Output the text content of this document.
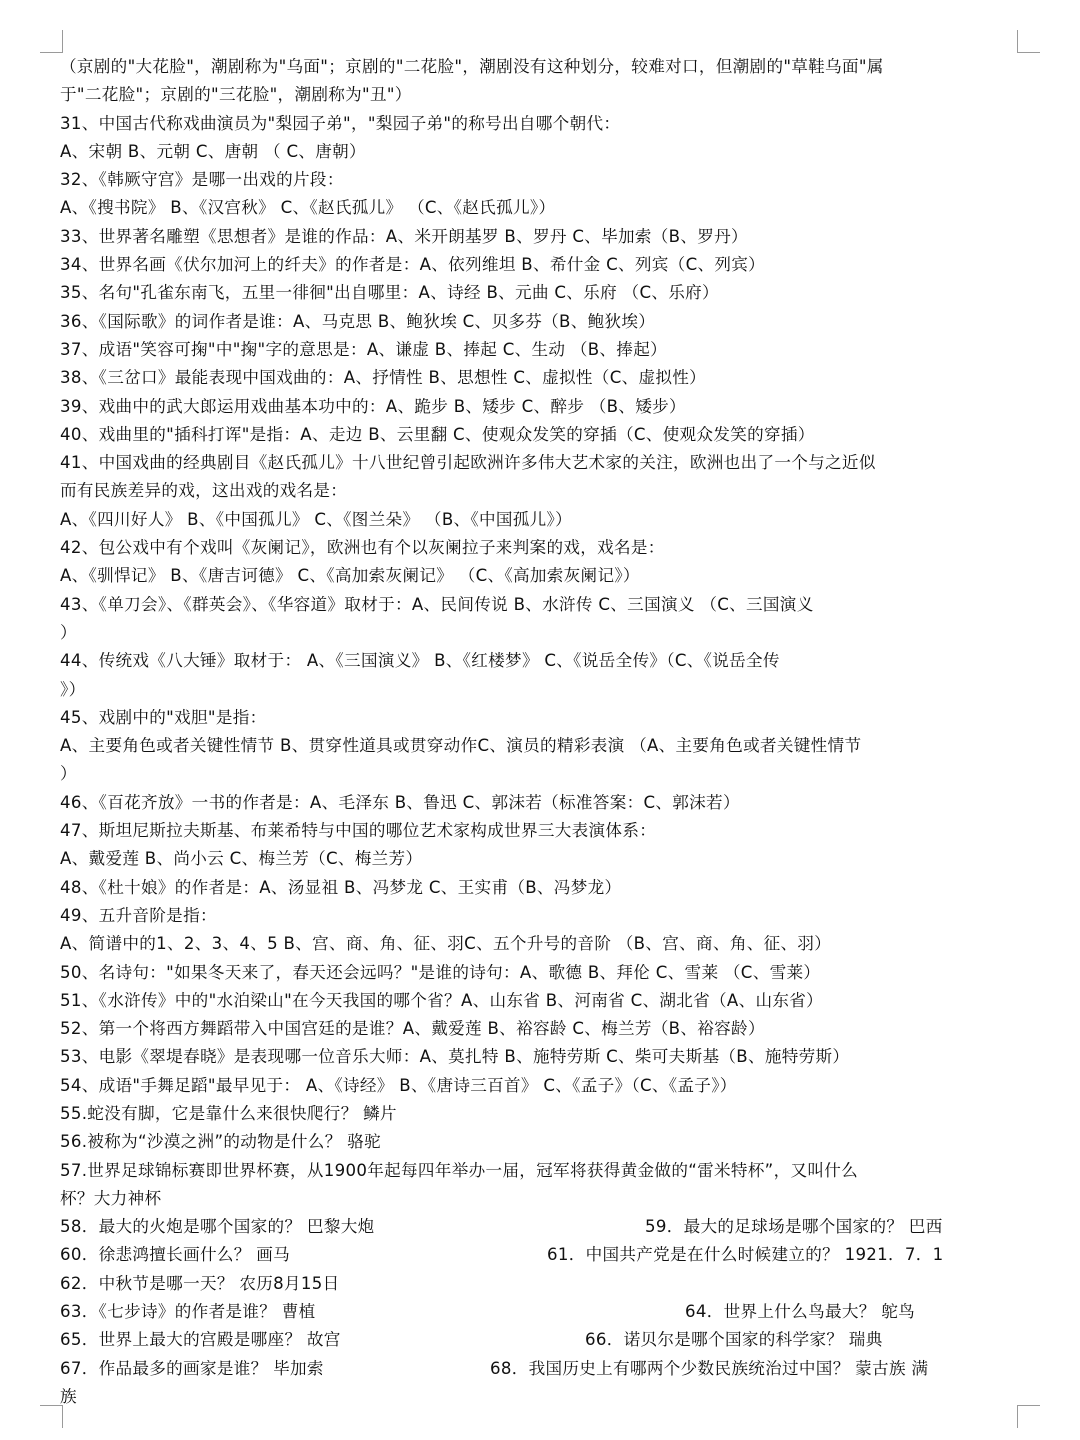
（京剧的"大花脸"，潮剧称为"乌面"；京剧的"二花脸"，潮剧没有这种划分，较难对口，但潮剧的"草鞋乌面"属
于"二花脸"；京剧的"三花脸"，潮剧称为"丑"）
31、中国古代称戏曲演员为"梨园子弟"，"梨园子弟"的称号出自哪个朝代：
A、宋朝 B、元朝 C、唐朝 （ C、唐朝）
32、《韩厥守宫》是哪一出戏的片段：
A、《搜书院》 B、《汉宫秋》 C、《赵氏孤儿》 （C、《赵氏孤儿》）
33、世界著名雕塑《思想者》是谁的作品：A、米开朗基罗 B、罗丹 C、毕加索（B、罗丹）
34、世界名画《伏尔加河上的纤夫》的作者是：A、依列维坦 B、希什金 C、列宾（C、列宾）
35、名句"孔雀东南飞，五里一徘徊"出自哪里：A、诗经 B、元曲 C、乐府 （C、乐府）
36、《国际歌》的词作者是谁：A、马克思 B、鲍狄埃 C、贝多芬（B、鲍狄埃）
37、成语"笑容可掬"中"掬"字的意思是：A、谦虚 B、捧起 C、生动 （B、捧起）
38、《三岔口》最能表现中国戏曲的：A、抒情性 B、思想性 C、虚拟性（C、虚拟性）
39、戏曲中的武大郎运用戏曲基本功中的：A、跪步 B、矮步 C、醉步 （B、矮步）
40、戏曲里的"插科打诨"是指：A、走边 B、云里翻 C、使观众发笑的穿插（C、使观众发笑的穿插）
41、中国戏曲的经典剧目《赵氏孤儿》十八世纪曾引起欧洲许多伟大艺术家的关注，欧洲也出了一个与之近似
而有民族差异的戏，这出戏的戏名是：
A、《四川好人》 B、《中国孤儿》 C、《图兰朵》 （B、《中国孤儿》）
42、包公戏中有个戏叫《灰阑记》，欧洲也有个以灰阑拉子来判案的戏，戏名是：
A、《驯悍记》 B、《唐吉诃德》 C、《高加索灰阑记》 （C、《高加索灰阑记》）
43、《单刀会》、《群英会》、《华容道》取材于：A、民间传说 B、水浒传 C、三国演义 （C、三国演义
）
44、传统戏《八大锤》取材于： A、《三国演义》 B、《红楼梦》 C、《说岳全传》（C、《说岳全传
》）
45、戏剧中的"戏胆"是指：
A、主要角色或者关键性情节 B、贯穿性道具或贯穿动作C、演员的精彩表演 （A、主要角色或者关键性情节
）
46、《百花齐放》一书的作者是：A、毛泽东 B、鲁迅 C、郭沫若（标准答案：C、郭沫若）
47、斯坦尼斯拉夫斯基、布莱希特与中国的哪位艺术家构成世界三大表演体系：
A、戴爱莲 B、尚小云 C、梅兰芳（C、梅兰芳）
48、《杜十娘》的作者是：A、汤显祖 B、冯梦龙 C、王实甫（B、冯梦龙）
49、五升音阶是指：
A、简谱中的1、2、3、4、5 B、宫、商、角、征、羽C、五个升号的音阶 （B、宫、商、角、征、羽）
50、名诗句："如果冬天来了，春天还会远吗？"是谁的诗句：A、歌德 B、拜伦 C、雪莱 （C、雪莱）
51、《水浒传》中的"水泊梁山"在今天我国的哪个省？A、山东省 B、河南省 C、湖北省（A、山东省）
52、第一个将西方舞蹈带入中国宫廷的是谁？A、戴爱莲 B、裕容龄 C、梅兰芳（B、裕容龄）
53、电影《翠堤春晓》是表现哪一位音乐大师：A、莫扎特 B、施特劳斯 C、柴可夫斯基（B、施特劳斯）
54、成语"手舞足蹈"最早见于： A、《诗经》 B、《唐诗三百首》 C、《孟子》（C、《孟子》）
55.蛇没有脚，它是靠什么来很快爬行？ 鳞片
56.被称为“沙漠之洲”的动物是什么？ 骆驼
57.世界足球锦标赛即世界杯赛，从1900年起每四年举办一届，冠军将获得黄金做的“雷米特杯”，又叫什么
杯？大力神杯
58．最大的火炮是哪个国家的？ 巴黎大炮	59．最大的足球场是哪个国家的？ 巴西
60．徐悲鸿擅长画什么？ 画马	61．中国共产党是在什么时候建立的？ 1921．7．1
62．中秋节是哪一天？ 农历8月15日
63．《七步诗》的作者是谁？ 曹植	64．世界上什么鸟最大？ 鸵鸟
65．世界上最大的宫殿是哪座？ 故宫	66．诺贝尔是哪个国家的科学家？ 瑞典
67．作品最多的画家是谁？ 毕加索	68．我国历史上有哪两个少数民族统治过中国？ 蒙古族 满
族
